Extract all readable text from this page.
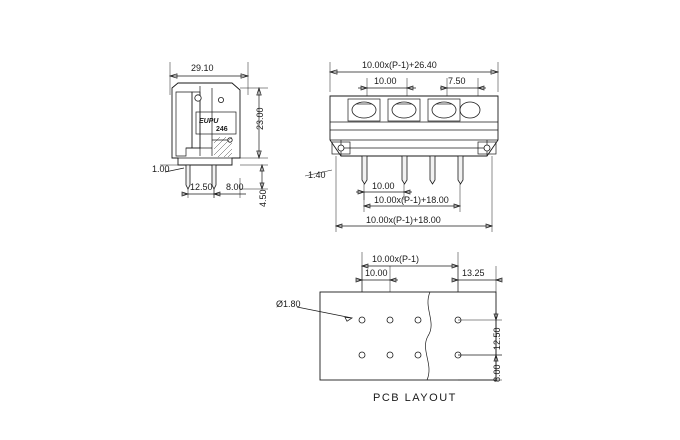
29.10
EUPU
246	23.00
1.00
12.50 8.00
4.50
10.00x(P-1)+26.40
10.00	7.50
1.40
10.00
10.00x(P-1)+18.00
10.00x(P-1)+18.00
10.00x(P-1)
10.00	13.25
Ø1.80
12.50
8.00
PCB LAYOUT
